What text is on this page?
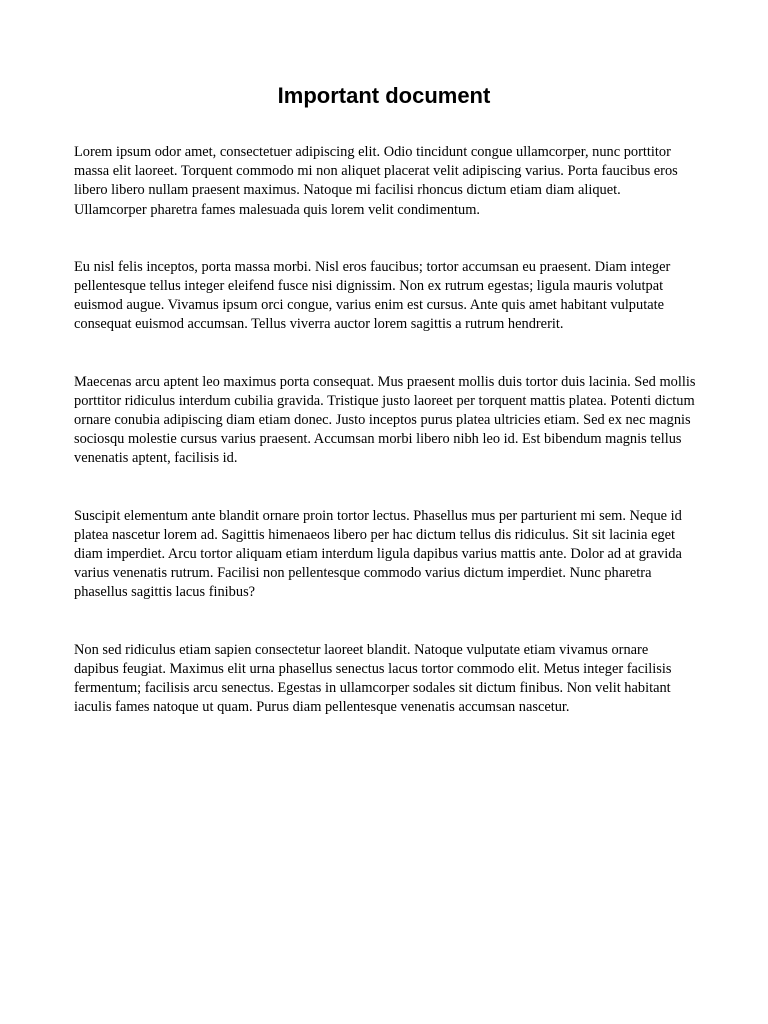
Important document

Lorem ipsum odor amet, consectetuer adipiscing elit. Odio tincidunt congue ullamcorper, nunc porttitor massa elit laoreet. Torquent commodo mi non aliquet placerat velit adipiscing varius. Porta faucibus eros libero libero nullam praesent maximus. Natoque mi facilisi rhoncus dictum etiam diam aliquet. Ullamcorper pharetra fames malesuada quis lorem velit condimentum.

Eu nisl felis inceptos, porta massa morbi. Nisl eros faucibus; tortor accumsan eu praesent. Diam integer pellentesque tellus integer eleifend fusce nisi dignissim. Non ex rutrum egestas; ligula mauris volutpat euismod augue. Vivamus ipsum orci congue, varius enim est cursus. Ante quis amet habitant vulputate consequat euismod accumsan. Tellus viverra auctor lorem sagittis a rutrum hendrerit.

Maecenas arcu aptent leo maximus porta consequat. Mus praesent mollis duis tortor duis lacinia. Sed mollis porttitor ridiculus interdum cubilia gravida. Tristique justo laoreet per torquent mattis platea. Potenti dictum ornare conubia adipiscing diam etiam donec. Justo inceptos purus platea ultricies etiam. Sed ex nec magnis sociosqu molestie cursus varius praesent. Accumsan morbi libero nibh leo id. Est bibendum magnis tellus venenatis aptent, facilisis id.

Suscipit elementum ante blandit ornare proin tortor lectus. Phasellus mus per parturient mi sem. Neque id platea nascetur lorem ad. Sagittis himenaeos libero per hac dictum tellus dis ridiculus. Sit sit lacinia eget diam imperdiet. Arcu tortor aliquam etiam interdum ligula dapibus varius mattis ante. Dolor ad at gravida varius venenatis rutrum. Facilisi non pellentesque commodo varius dictum imperdiet. Nunc pharetra phasellus sagittis lacus finibus?

Non sed ridiculus etiam sapien consectetur laoreet blandit. Natoque vulputate etiam vivamus ornare dapibus feugiat. Maximus elit urna phasellus senectus lacus tortor commodo elit. Metus integer facilisis fermentum; facilisis arcu senectus. Egestas in ullamcorper sodales sit dictum finibus. Non velit habitant iaculis fames natoque ut quam. Purus diam pellentesque venenatis accumsan nascetur.
